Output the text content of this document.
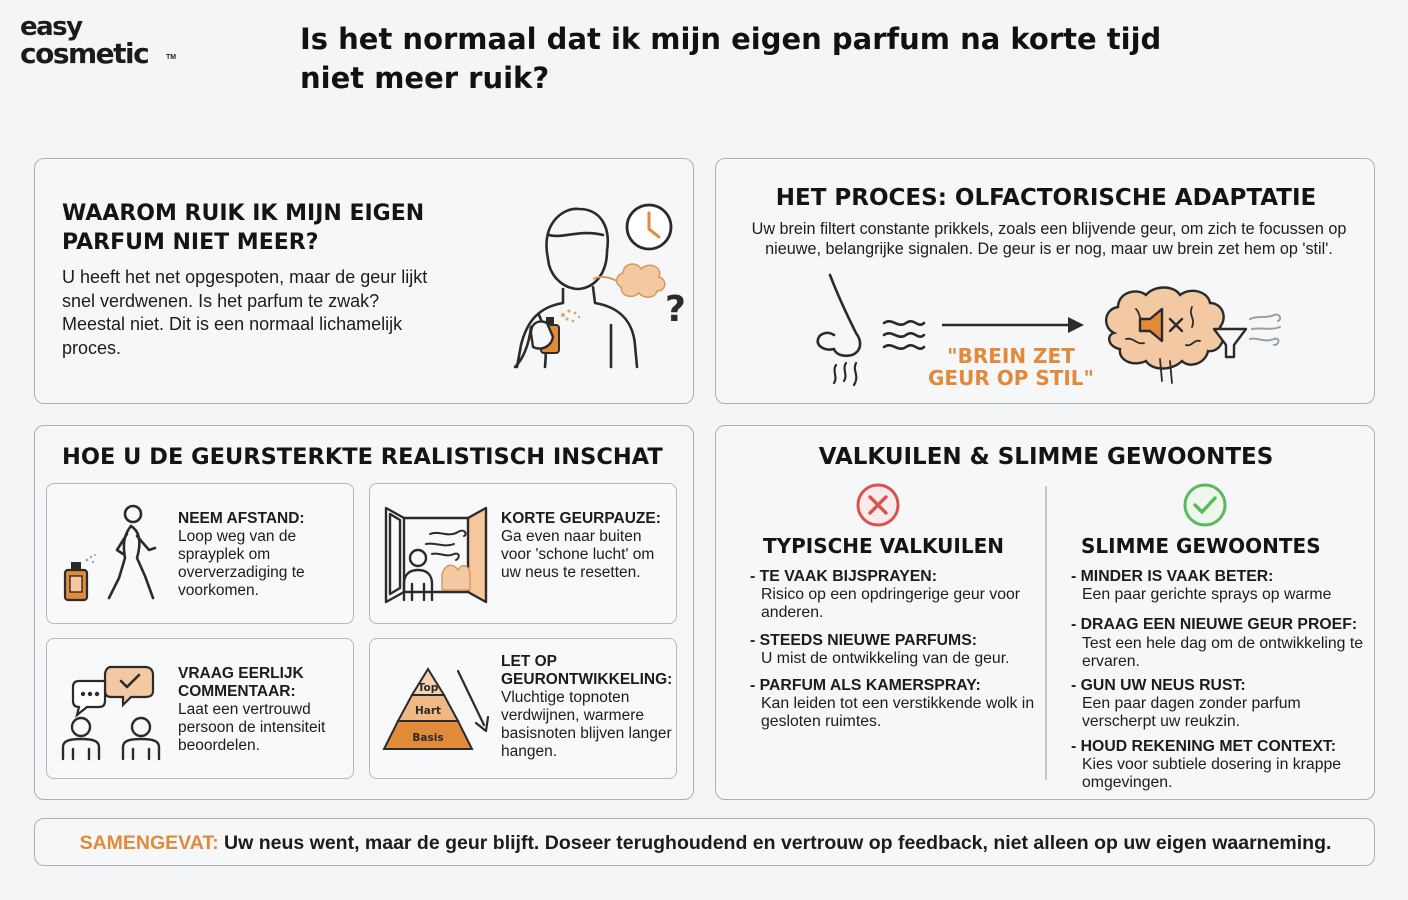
easy
cosmetic	TM
Is het normaal dat ik mijn eigen parfum na korte tijd niet meer ruik?
WAAROM RUIK IK MIJN EIGEN PARFUM NIET MEER?
U heeft het net opgespoten, maar de geur lijkt snel verdwenen. Is het parfum te zwak? Meestal niet. Dit is een normaal lichamelijk proces.
?
HET PROCES: OLFACTORISCHE ADAPTATIE
Uw brein filtert constante prikkels, zoals een blijvende geur, om zich te focussen op nieuwe, belangrijke signalen. De geur is er nog, maar uw brein zet hem op 'stil'.
"BREIN ZET
GEUR OP STIL"
HOE U DE GEURSTERKTE REALISTISCH INSCHAT
NEEM AFSTAND:
Loop weg van de sprayplek om oververzadiging te voorkomen.
KORTE GEURPAUZE:
Ga even naar buiten voor 'schone lucht' om uw neus te resetten.
VRAAG EERLIJK COMMENTAAR:
Laat een vertrouwd persoon de intensiteit beoordelen.
Top
Hart
Basis
LET OP GEURONTWIKKELING:
Vluchtige topnoten verdwijnen, warmere basisnoten blijven langer hangen.
VALKUILEN & SLIMME GEWOONTES
TYPISCHE VALKUILEN
- TE VAAK BIJSPRAYEN:
Risico op een opdringerige geur voor anderen.
- STEEDS NIEUWE PARFUMS:
U mist de ontwikkeling van de geur.
- PARFUM ALS KAMERSPRAY:
Kan leiden tot een verstikkende wolk in gesloten ruimtes.
SLIMME GEWOONTES
- MINDER IS VAAK BETER:
Een paar gerichte sprays op warme
- DRAAG EEN NIEUWE GEUR PROEF:
Test een hele dag om de ontwikkeling te ervaren.
- GUN UW NEUS RUST:
Een paar dagen zonder parfum verscherpt uw reukzin.
- HOUD REKENING MET CONTEXT:
Kies voor subtiele dosering in krappe omgevingen.
SAMENGEVAT: Uw neus went, maar de geur blijft. Doseer terughoudend en vertrouw op feedback, niet alleen op uw eigen waarneming.
